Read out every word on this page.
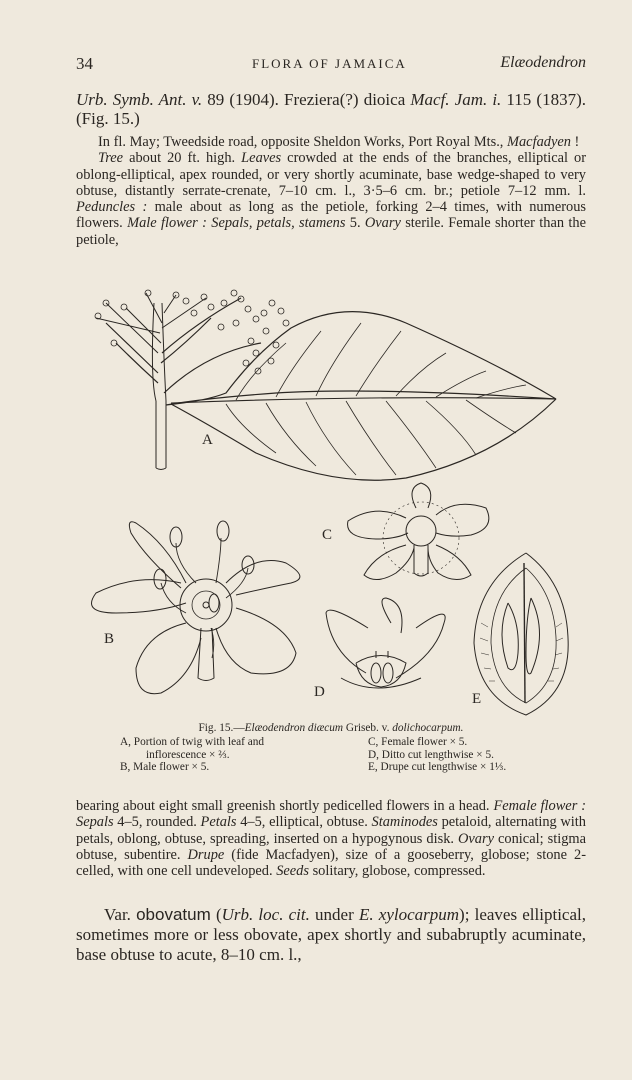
34	FLORA OF JAMAICA	Elæodendron

Urb. Symb. Ant. v. 89 (1904). Freziera(?) dioica Macf. Jam. i. 115 (1837). (Fig. 15.)

In fl. May; Tweedside road, opposite Sheldon Works, Port Royal Mts., Macfadyen !

Tree about 20 ft. high. Leaves crowded at the ends of the branches, elliptical or oblong-elliptical, apex rounded, or very shortly acuminate, base wedge-shaped to very obtuse, distantly serrate-crenate, 7–10 cm. l., 3·5–6 cm. br.; petiole 7–12 mm. l. Peduncles : male about as long as the petiole, forking 2–4 times, with numerous flowers. Male flower : Sepals, petals, stamens 5. Ovary sterile. Female shorter than the petiole,

A
B
C
D	E
Fig. 15.—Elæodendron diæcum Griseb. v. dolichocarpum.
A, Portion of twig with leaf and
inflorescence × ⅔.
B, Male flower × 5.
C, Female flower × 5.
D, Ditto cut lengthwise × 5.
E, Drupe cut lengthwise × 1⅓.

bearing about eight small greenish shortly pedicelled flowers in a head. Female flower : Sepals 4–5, rounded. Petals 4–5, elliptical, obtuse. Staminodes petaloid, alternating with petals, oblong, obtuse, spreading, inserted on a hypogynous disk. Ovary conical; stigma obtuse, subentire. Drupe (fide Macfadyen), size of a gooseberry, globose; stone 2-celled, with one cell undeveloped. Seeds solitary, globose, compressed.

Var. obovatum (Urb. loc. cit. under E. xylocarpum); leaves elliptical, sometimes more or less obovate, apex shortly and subabruptly acuminate, base obtuse to acute, 8–10 cm. l.,
